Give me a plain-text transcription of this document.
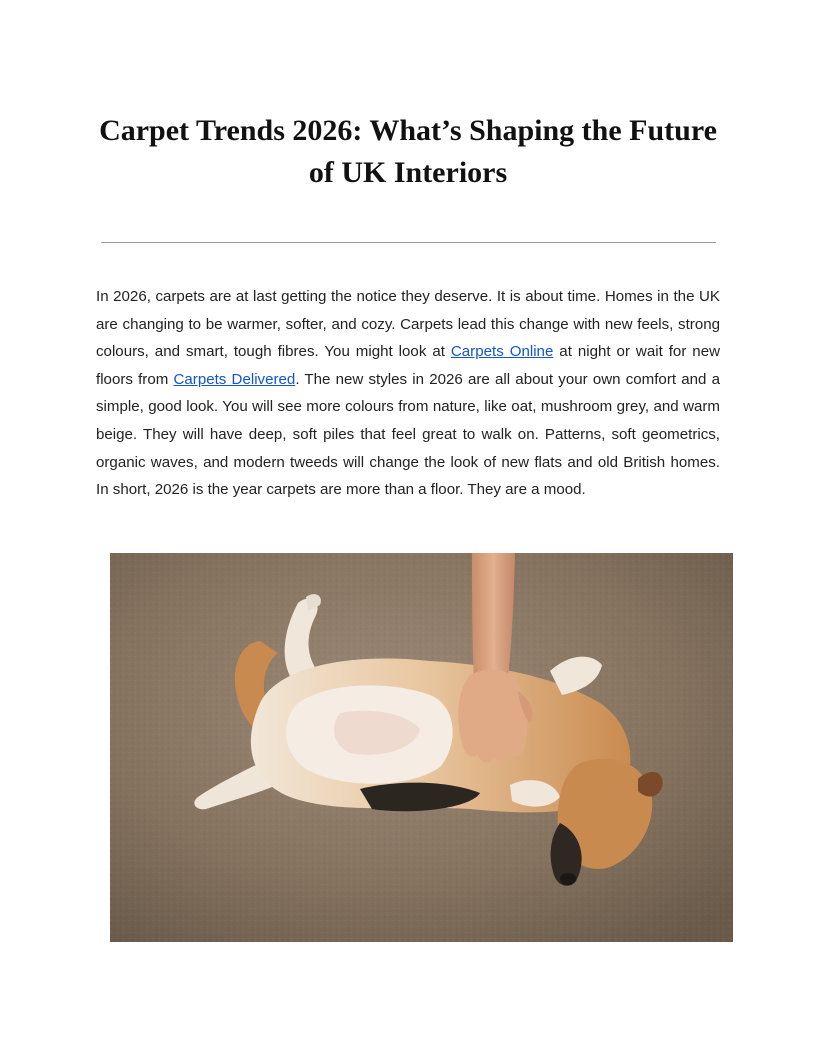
Carpet Trends 2026: What’s Shaping the Future of UK Interiors

In 2026, carpets are at last getting the notice they deserve. It is about time. Homes in the UK are changing to be warmer, softer, and cozy. Carpets lead this change with new feels, strong colours, and smart, tough fibres. You might look at Carpets Online at night or wait for new floors from Carpets Delivered. The new styles in 2026 are all about your own comfort and a simple, good look. You will see more colours from nature, like oat, mushroom grey, and warm beige. They will have deep, soft piles that feel great to walk on. Patterns, soft geometrics, organic waves, and modern tweeds will change the look of new flats and old British homes. In short, 2026 is the year carpets are more than a floor. They are a mood.
